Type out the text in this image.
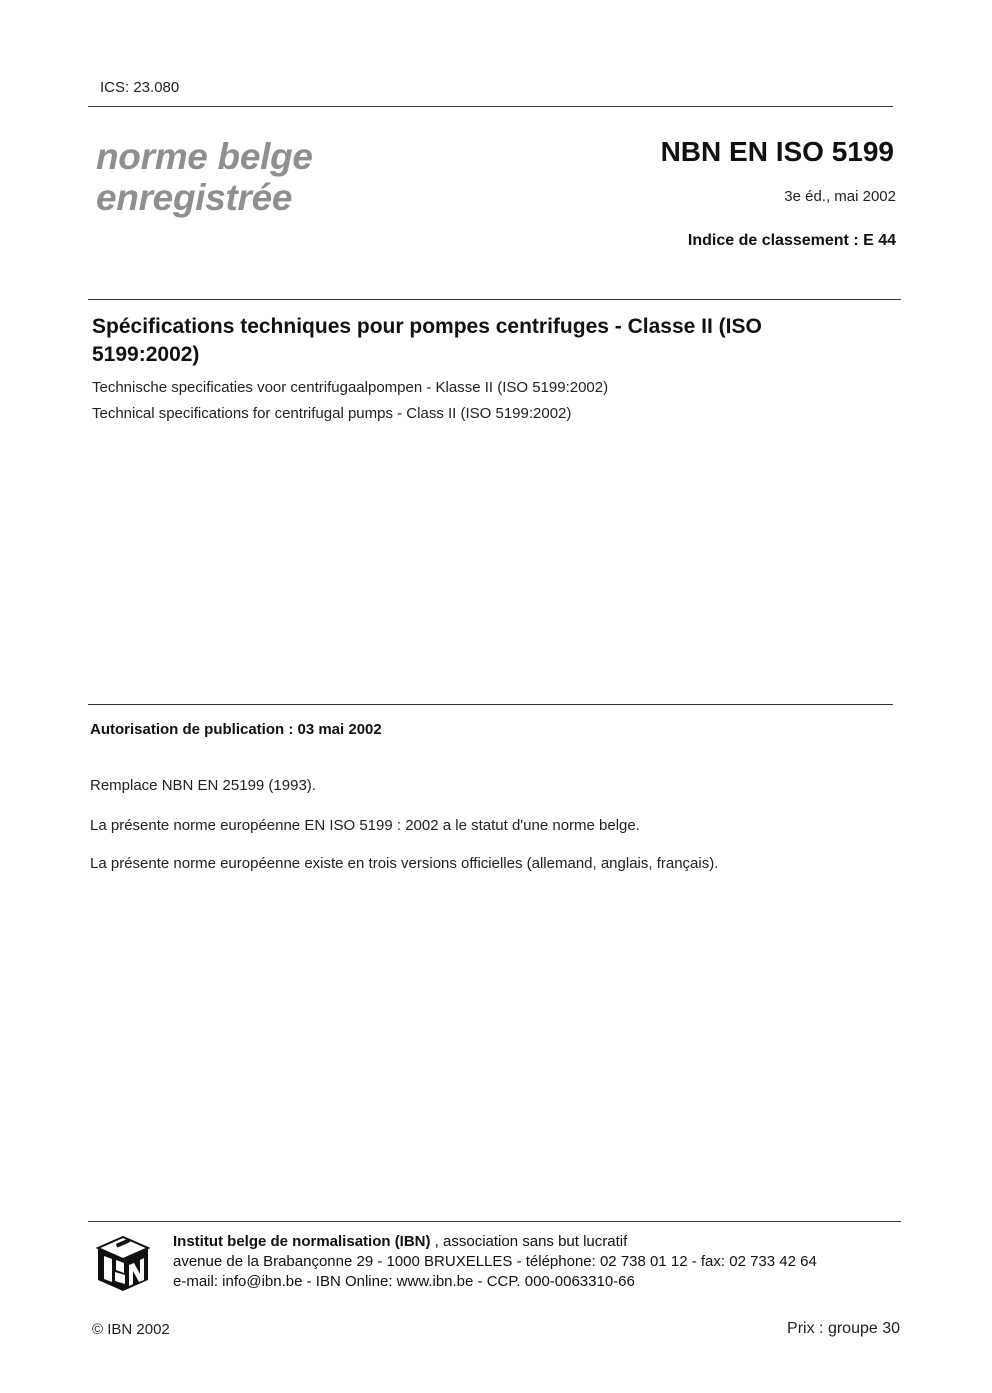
ICS: 23.080
norme belge
enregistrée
NBN EN ISO 5199
3e éd., mai 2002
Indice de classement : E 44
Spécifications techniques pour pompes centrifuges - Classe II (ISO 5199:2002)
Technische specificaties voor centrifugaalpompen - Klasse II (ISO 5199:2002)
Technical specifications for centrifugal pumps - Class II (ISO 5199:2002)
Autorisation de publication : 03 mai 2002
Remplace NBN EN 25199 (1993).
La présente norme européenne EN ISO 5199 : 2002 a le statut d'une norme belge.
La présente norme européenne existe en trois versions officielles (allemand, anglais, français).
Institut belge de normalisation (IBN) , association sans but lucratif
avenue de la Brabançonne 29 - 1000 BRUXELLES - téléphone: 02 738 01 12 - fax: 02 733 42 64
e-mail: info@ibn.be - IBN Online: www.ibn.be - CCP. 000-0063310-66
© IBN 2002	Prix : groupe 30
